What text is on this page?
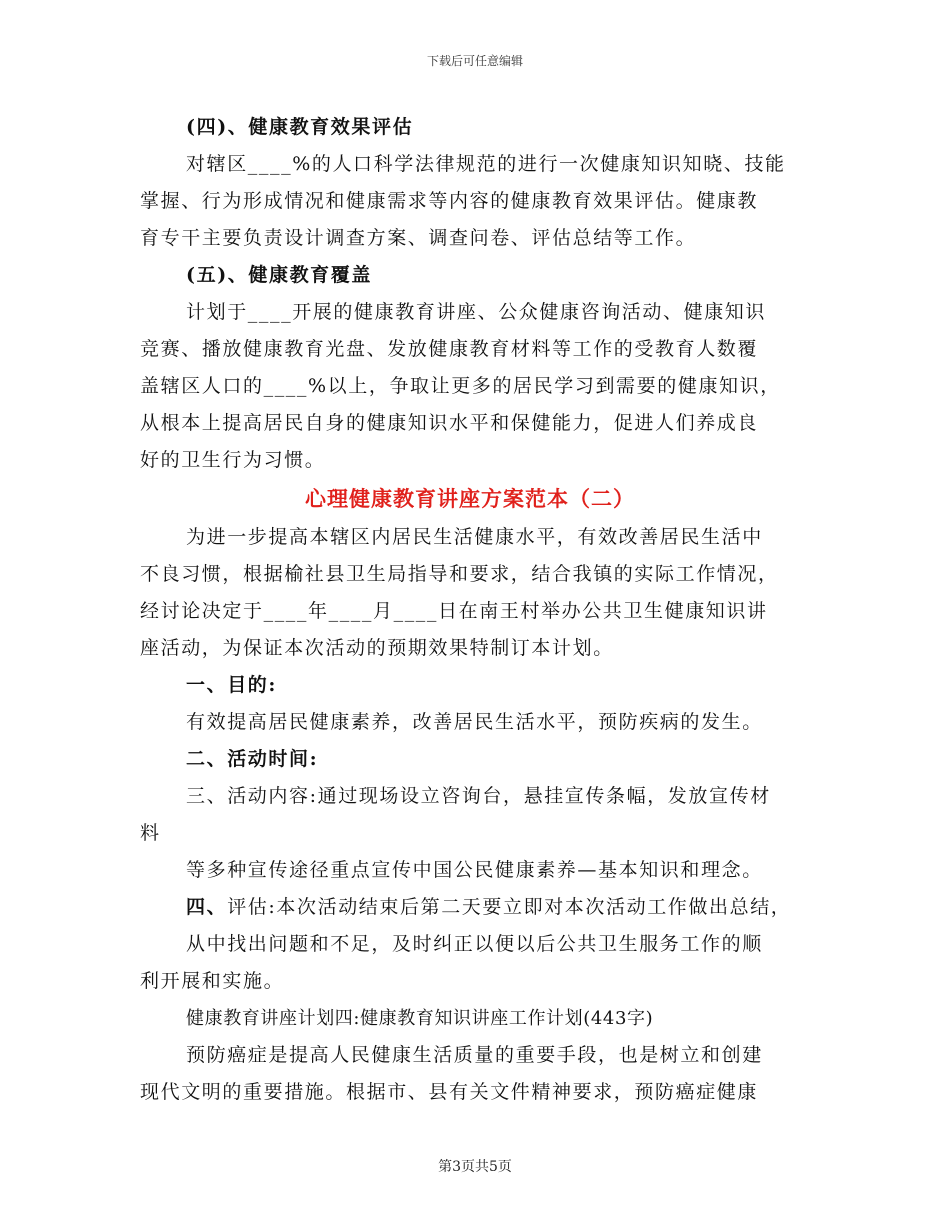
下载后可任意编辑
(四)、健康教育效果评估
对辖区____%的人口科学法律规范的进行一次健康知识知晓、技能
掌握、行为形成情况和健康需求等内容的健康教育效果评估。健康教
育专干主要负责设计调查方案、调查问卷、评估总结等工作。
(五)、健康教育覆盖
计划于____开展的健康教育讲座、公众健康咨询活动、健康知识
竞赛、播放健康教育光盘、发放健康教育材料等工作的受教育人数覆
盖辖区人口的____%以上，争取让更多的居民学习到需要的健康知识，
从根本上提高居民自身的健康知识水平和保健能力，促进人们养成良
好的卫生行为习惯。
心理健康教育讲座方案范本（二）
为进一步提高本辖区内居民生活健康水平，有效改善居民生活中
不良习惯，根据榆社县卫生局指导和要求，结合我镇的实际工作情况，
经讨论决定于____年____月____日在南王村举办公共卫生健康知识讲
座活动，为保证本次活动的预期效果特制订本计划。
一、目的:
有效提高居民健康素养，改善居民生活水平，预防疾病的发生。
二、活动时间:
三、活动内容:通过现场设立咨询台，悬挂宣传条幅，发放宣传材
料
等多种宣传途径重点宣传中国公民健康素养—基本知识和理念。
四、评估:本次活动结束后第二天要立即对本次活动工作做出总结，
从中找出问题和不足，及时纠正以便以后公共卫生服务工作的顺
利开展和实施。
健康教育讲座计划四:健康教育知识讲座工作计划(443字)
预防癌症是提高人民健康生活质量的重要手段，也是树立和创建
现代文明的重要措施。根据市、县有关文件精神要求，预防癌症健康
第3页共5页
